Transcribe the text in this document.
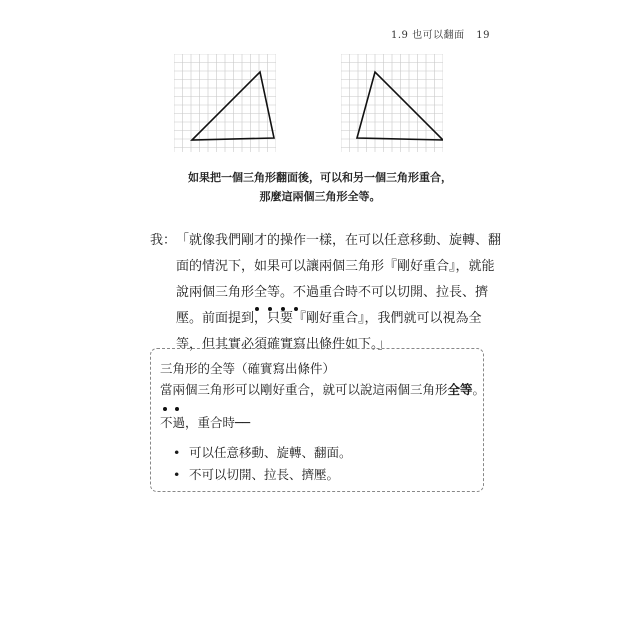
1.9 也可以翻面 19
如果把一個三角形翻面後，可以和另一個三角形重合，
那麼這兩個三角形全等。
我： 「就像我們剛才的操作一樣，在可以任意移動、旋轉、翻
面的情況下，如果可以讓兩個三角形『剛好重合』，就能
說兩個三角形全等。不過重合時不可以切開、拉長、擠
壓。前面提到，只要『剛好重合』，我們就可以視為全
等，但其實必須確實寫出條件如下。」
三角形的全等（確實寫出條件）
當兩個三角形可以剛好重合，就可以說這兩個三角形全等。
不過，重合時──
• 可以任意移動、旋轉、翻面。
• 不可以切開、拉長、擠壓。
